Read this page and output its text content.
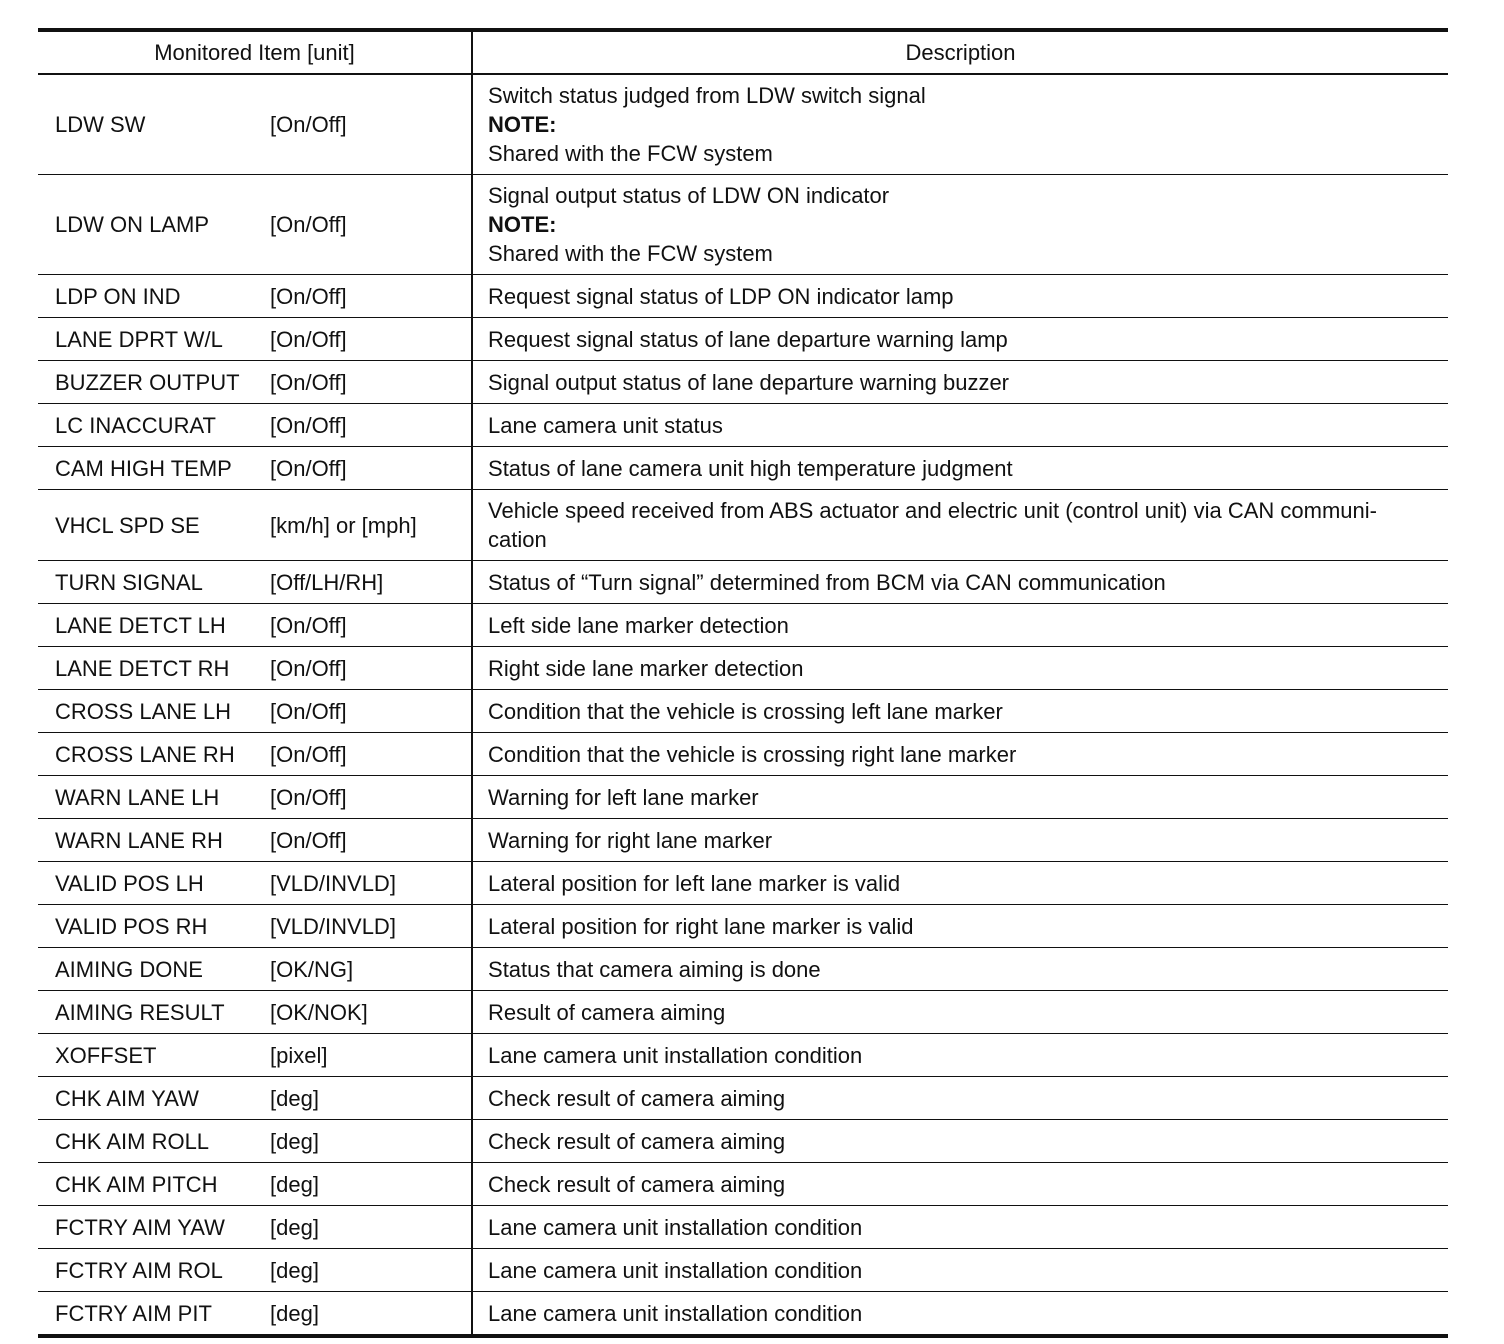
Monitored Item [unit]		Description
LDW SW	[On/Off]	Switch status judged from LDW switch signal
NOTE:
Shared with the FCW system

LDW ON LAMP	[On/Off]	Signal output status of LDW ON indicator
NOTE:
Shared with the FCW system

LDP ON IND	[On/Off]	Request signal status of LDP ON indicator lamp

LANE DPRT W/L	[On/Off]	Request signal status of lane departure warning lamp

BUZZER OUTPUT	[On/Off]	Signal output status of lane departure warning buzzer

LC INACCURAT	[On/Off]	Lane camera unit status

CAM HIGH TEMP	[On/Off]	Status of lane camera unit high temperature judgment

VHCL SPD SE	[km/h] or [mph]	Vehicle speed received from ABS actuator and electric unit (control unit) via CAN communi-
cation

TURN SIGNAL	[Off/LH/RH]	Status of “Turn signal” determined from BCM via CAN communication

LANE DETCT LH	[On/Off]	Left side lane marker detection

LANE DETCT RH	[On/Off]	Right side lane marker detection

CROSS LANE LH	[On/Off]	Condition that the vehicle is crossing left lane marker

CROSS LANE RH	[On/Off]	Condition that the vehicle is crossing right lane marker

WARN LANE LH	[On/Off]	Warning for left lane marker

WARN LANE RH	[On/Off]	Warning for right lane marker

VALID POS LH	[VLD/INVLD]	Lateral position for left lane marker is valid

VALID POS RH	[VLD/INVLD]	Lateral position for right lane marker is valid

AIMING DONE	[OK/NG]	Status that camera aiming is done

AIMING RESULT	[OK/NOK]	Result of camera aiming

XOFFSET	[pixel]	Lane camera unit installation condition

CHK AIM YAW	[deg]	Check result of camera aiming

CHK AIM ROLL	[deg]	Check result of camera aiming

CHK AIM PITCH	[deg]	Check result of camera aiming

FCTRY AIM YAW	[deg]	Lane camera unit installation condition

FCTRY AIM ROL	[deg]	Lane camera unit installation condition

FCTRY AIM PIT	[deg]	Lane camera unit installation condition
